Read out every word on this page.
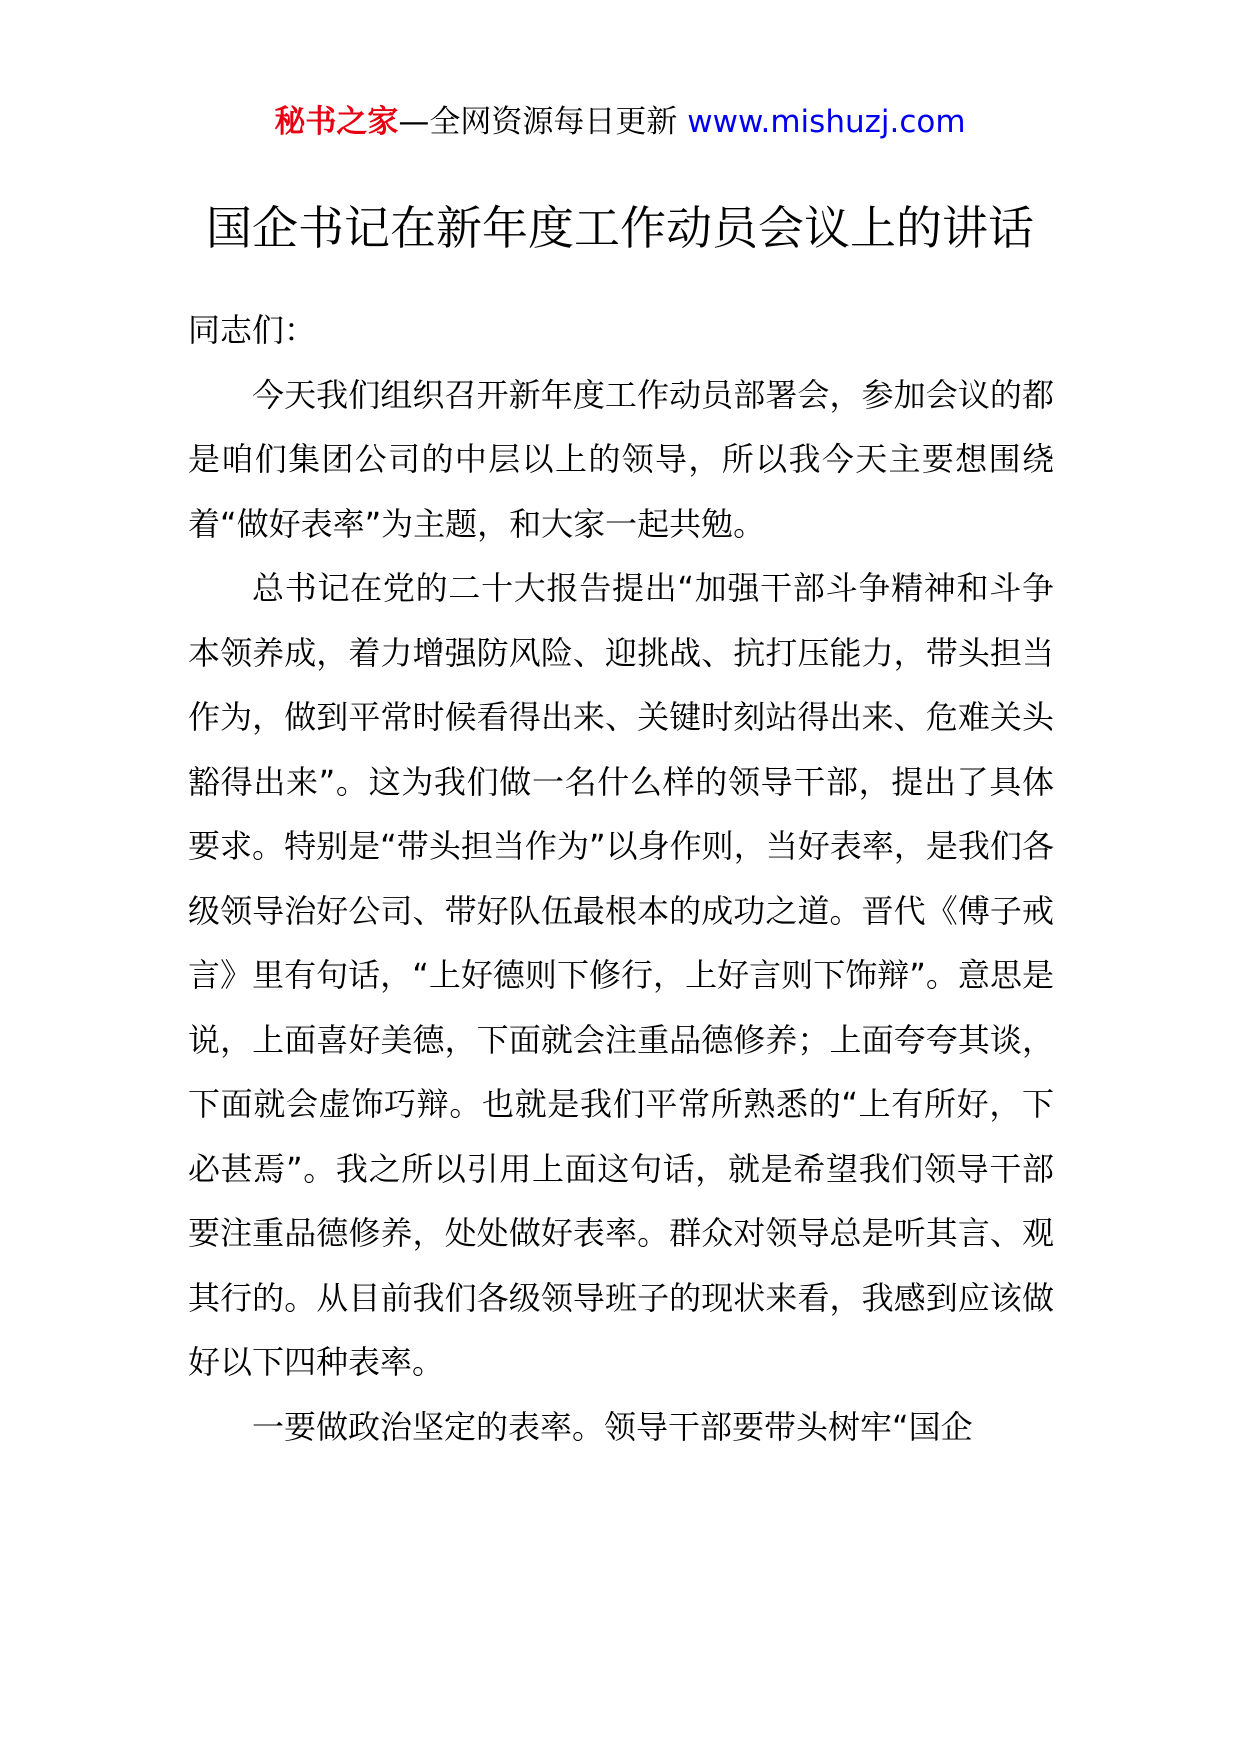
秘书之家—全网资源每日更新 www.mishuzj.com
国企书记在新年度工作动员会议上的讲话

同志们：

今天我们组织召开新年度工作动员部署会，参加会议的都是咱们集团公司的中层以上的领导，所以我今天主要想围绕着“做好表率”为主题，和大家一起共勉。

总书记在党的二十大报告提出“加强干部斗争精神和斗争本领养成，着力增强防风险、迎挑战、抗打压能力，带头担当作为，做到平常时候看得出来、关键时刻站得出来、危难关头豁得出来”。这为我们做一名什么样的领导干部，提出了具体要求。特别是“带头担当作为”以身作则，当好表率，是我们各级领导治好公司、带好队伍最根本的成功之道。晋代《傅子戒言》里有句话，“上好德则下修行，上好言则下饰辩”。意思是说，上面喜好美德，下面就会注重品德修养；上面夸夸其谈，下面就会虚饰巧辩。也就是我们平常所熟悉的“上有所好，下必甚焉”。我之所以引用上面这句话，就是希望我们领导干部要注重品德修养，处处做好表率。群众对领导总是听其言、观其行的。从目前我们各级领导班子的现状来看，我感到应该做好以下四种表率。

一要做政治坚定的表率。领导干部要带头树牢“国企
